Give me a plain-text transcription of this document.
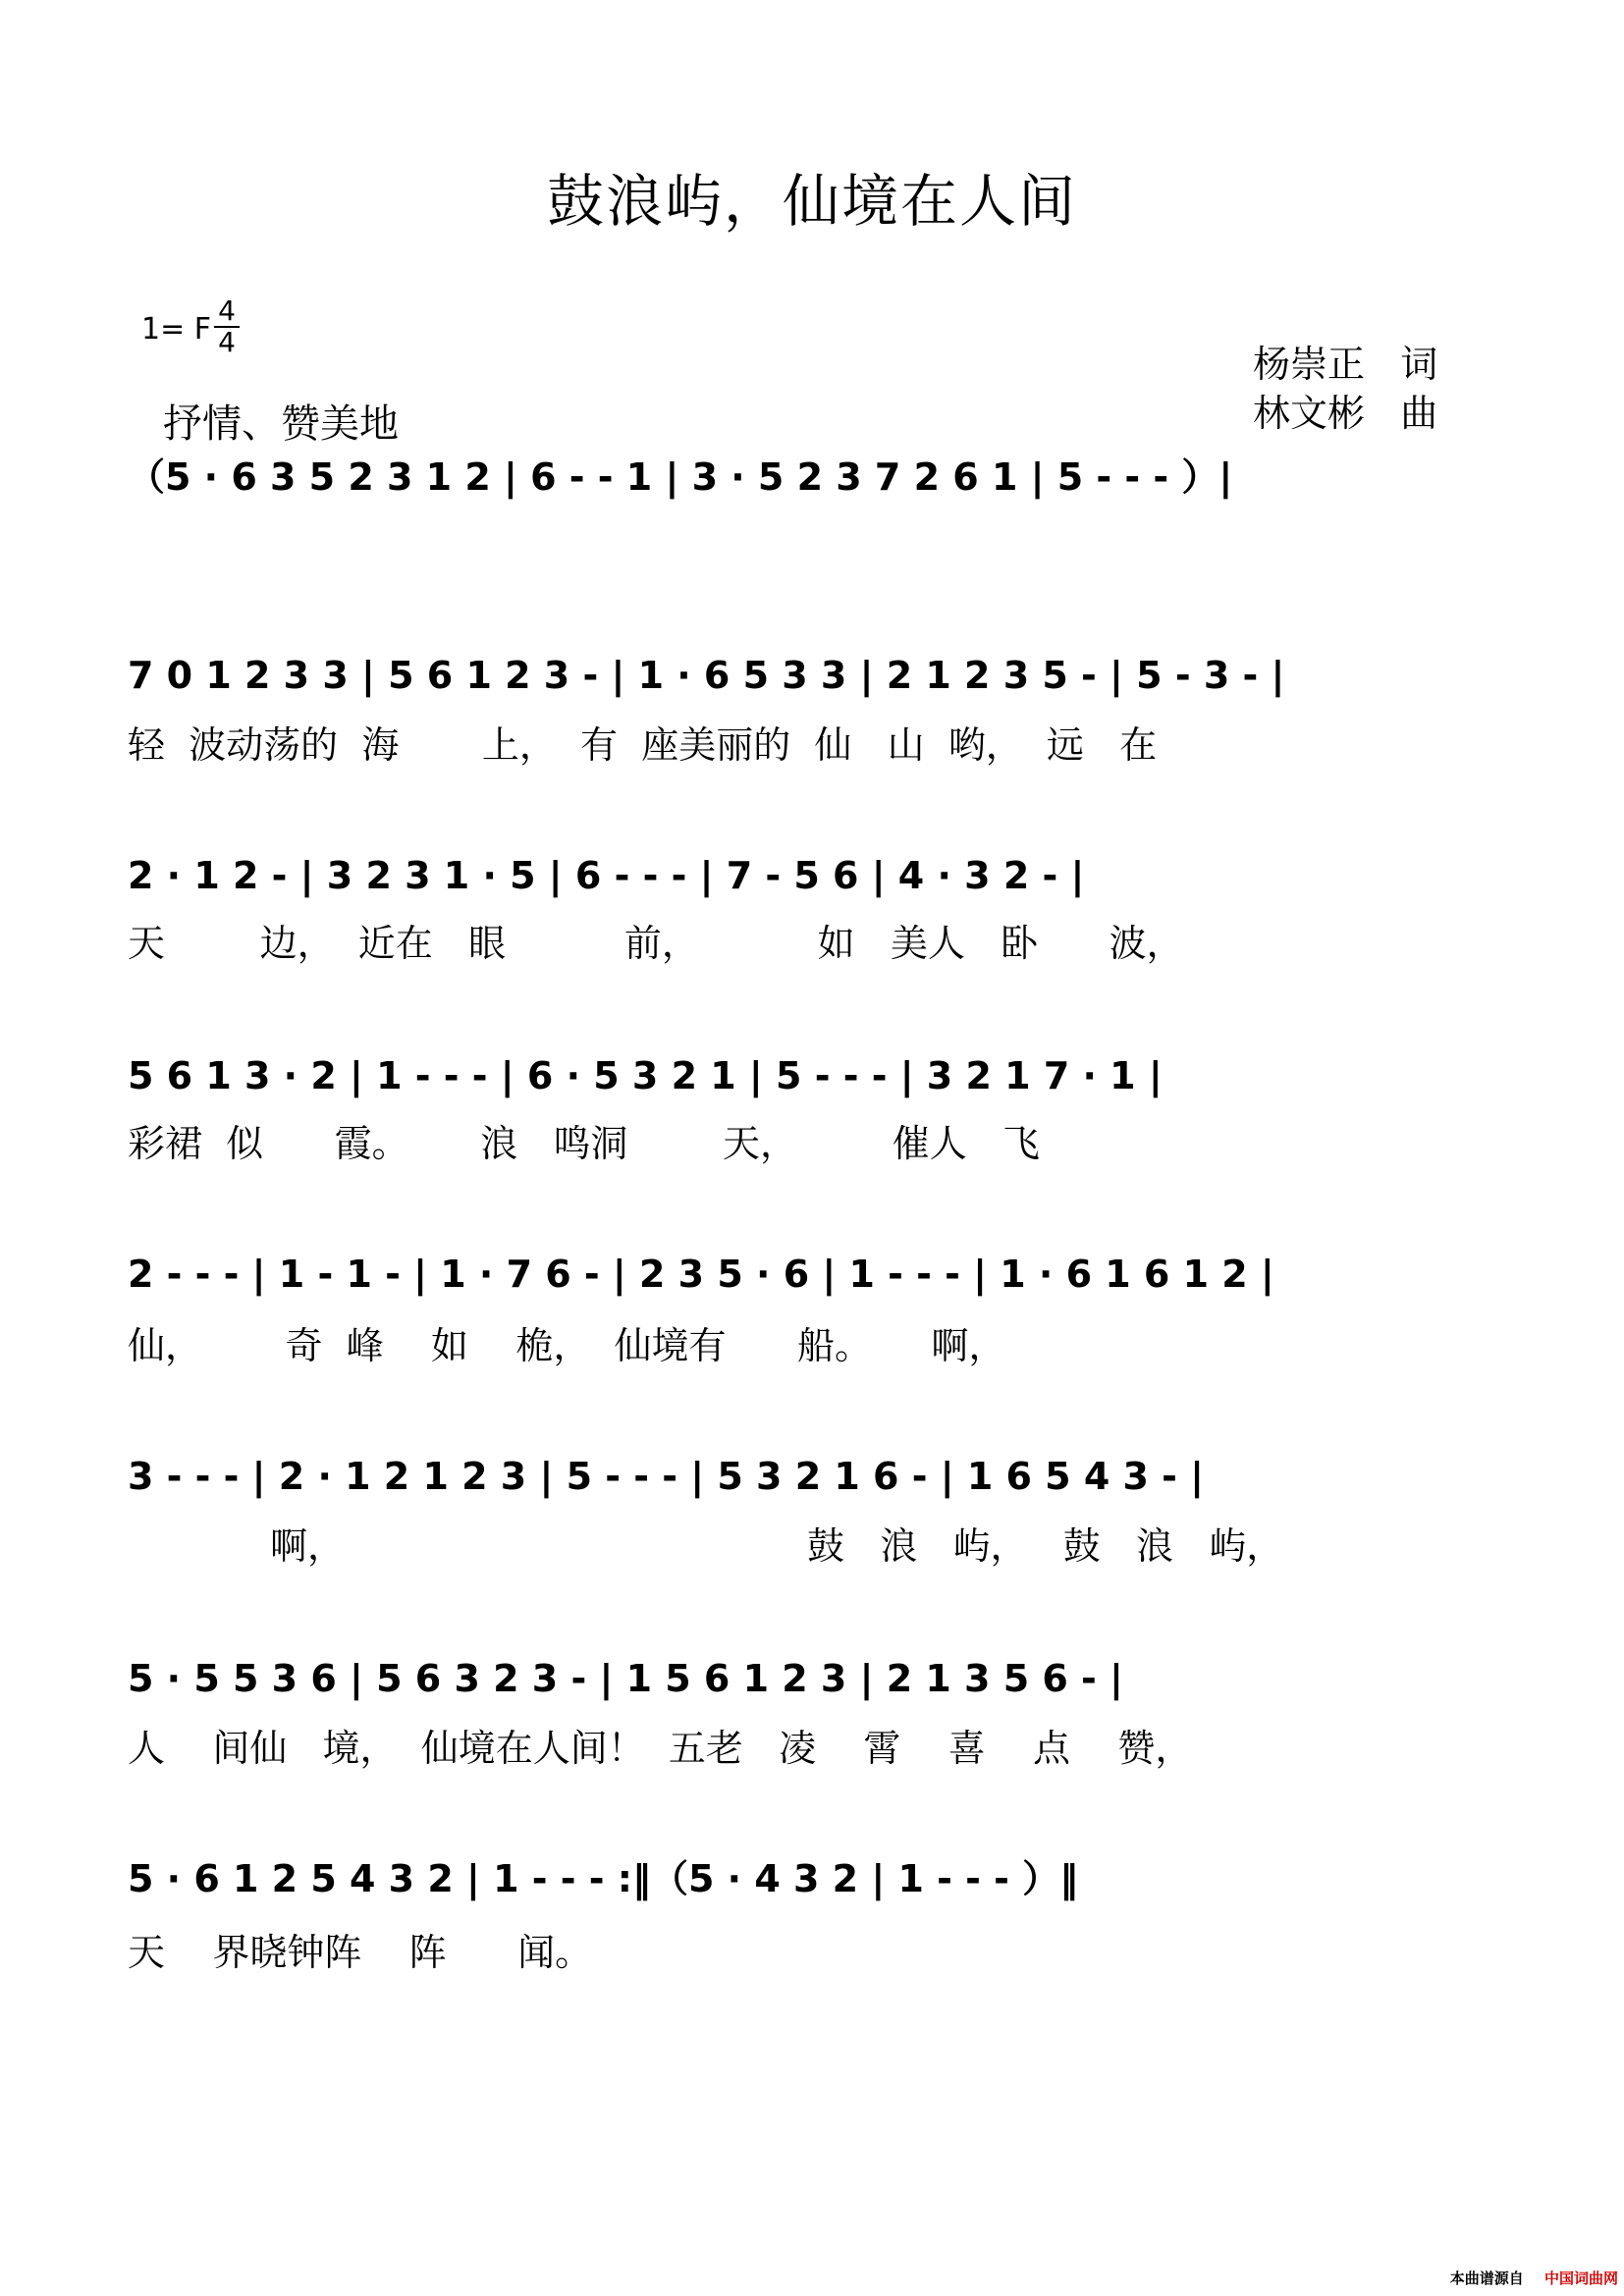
鼓浪屿，仙境在人间
1= F
4
4
抒情、赞美地
杨崇正   词
林文彬   曲
（5 · 6 3 5 2 3 1 2 | 6 - - 1 | 3 · 5 2 3 7 2 6 1 | 5 - - - ）|
7 0 1 2 3 3 | 5 6 1 2 3 - | 1 · 6 5 3 3 | 2 1 2 3 5 - | 5 - 3 - |
轻  波动荡的  海       上，  有  座美丽的  仙   山  哟，  远   在
2 · 1 2 - | 3 2 3 1 · 5 | 6 - - - | 7 - 5 6 | 4 · 3 2 - |
天        边，  近在   眼          前，          如   美人   卧      波，
5 6 1 3 · 2 | 1 - - - | 6 · 5 3 2 1 | 5 - - - | 3 2 1 7 · 1 |
彩裙  似      霞。      浪   鸣洞        天，        催人   飞
2 - - - | 1 - 1 - | 1 · 7 6 - | 2 3 5 · 6 | 1 - - - | 1 · 6 1 6 1 2 |
仙，       奇  峰    如    桅，  仙境有      船。     啊，
3 - - - | 2 · 1 2 1 2 3 | 5 - - - | 5 3 2 1 6 - | 1 6 5 4 3 - |
啊，                                       鼓   浪   屿，   鼓   浪   屿，
5 · 5 5 3 6 | 5 6 3 2 3 - | 1 5 6 1 2 3 | 2 1 3 5 6 - |
人    间仙   境，  仙境在人间！  五老   凌    霄    喜    点    赞，
5 · 6 1 2 5 4 3 2 | 1 - - - :‖（5 · 4 3 2 | 1 - - - ）‖
天    界晓钟阵    阵      闻。
本曲谱源自 中国词曲网
